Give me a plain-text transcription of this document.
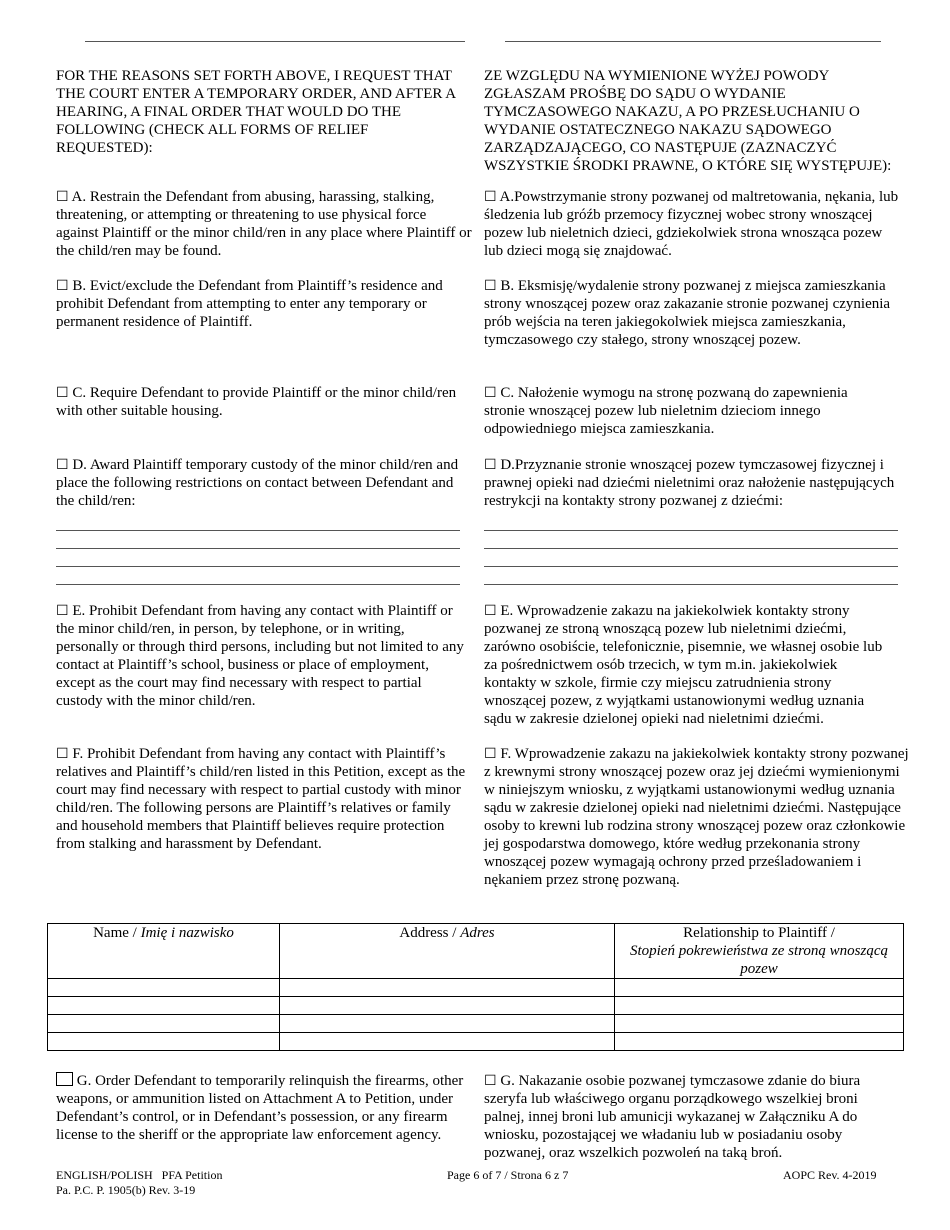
FOR THE REASONS SET FORTH ABOVE, I REQUEST THAT THE COURT ENTER A TEMPORARY ORDER, AND AFTER A HEARING, A FINAL ORDER THAT WOULD DO THE FOLLOWING (CHECK ALL FORMS OF RELIEF REQUESTED):
ZE WZGLĘDU NA WYMIENIONE WYŻEJ POWODY ZGŁASZAM PROŚBĘ DO SĄDU O WYDANIE TYMCZASOWEGO NAKAZU, A PO PRZESŁUCHANIU O WYDANIE OSTATECZNEGO NAKAZU SĄDOWEGO ZARZĄDZAJĄCEGO, CO NASTĘPUJE (ZAZNACZYĆ WSZYSTKIE ŚRODKI PRAWNE, O KTÓRE SIĘ WYSTĘPUJE):
☐ A. Restrain the Defendant from abusing, harassing, stalking, threatening, or attempting or threatening to use physical force against Plaintiff or the minor child/ren in any place where Plaintiff or the child/ren may be found.
☐ A.Powstrzymanie strony pozwanej od maltretowania, nękania, lub śledzenia lub gróźb przemocy fizycznej wobec strony wnoszącej pozew lub nieletnich dzieci, gdziekolwiek strona wnosząca pozew lub dzieci mogą się znajdować.
☐ B. Evict/exclude the Defendant from Plaintiff’s residence and prohibit Defendant from attempting to enter any temporary or permanent residence of Plaintiff.
☐ B. Eksmisję/wydalenie strony pozwanej z miejsca zamieszkania strony wnoszącej pozew oraz zakazanie stronie pozwanej czynienia prób wejścia na teren jakiegokolwiek miejsca zamieszkania, tymczasowego czy stałego, strony wnoszącej pozew.
☐ C. Require Defendant to provide Plaintiff or the minor child/ren with other suitable housing.
☐ C. Nałożenie wymogu na stronę pozwaną do zapewnienia stronie wnoszącej pozew lub nieletnim dzieciom innego odpowiedniego miejsca zamieszkania.
☐ D. Award Plaintiff temporary custody of the minor child/ren and place the following restrictions on contact between Defendant and the child/ren:
☐ D.Przyznanie stronie wnoszącej pozew tymczasowej fizycznej i prawnej opieki nad dziećmi nieletnimi oraz nałożenie następujących restrykcji na kontakty strony pozwanej z dziećmi:
☐ E. Prohibit Defendant from having any contact with Plaintiff or the minor child/ren, in person, by telephone, or in writing, personally or through third persons, including but not limited to any contact at Plaintiff’s school, business or place of employment, except as the court may find necessary with respect to partial custody with the minor child/ren.
☐ E. Wprowadzenie zakazu na jakiekolwiek kontakty strony pozwanej ze stroną wnoszącą pozew lub nieletnimi dziećmi, zarówno osobiście, telefonicznie, pisemnie, we własnej osobie lub za pośrednictwem osób trzecich, w tym m.in. jakiekolwiek kontakty w szkole, firmie czy miejscu zatrudnienia strony wnoszącej pozew, z wyjątkami ustanowionymi według uznania sądu w zakresie dzielonej opieki nad nieletnimi dziećmi.
☐ F. Prohibit Defendant from having any contact with Plaintiff’s relatives and Plaintiff’s child/ren listed in this Petition, except as the court may find necessary with respect to partial custody with minor child/ren. The following persons are Plaintiff’s relatives or family and household members that Plaintiff believes require protection from stalking and harassment by Defendant.
☐ F. Wprowadzenie zakazu na jakiekolwiek kontakty strony pozwanej z krewnymi strony wnoszącej pozew oraz jej dziećmi wymienionymi w niniejszym wniosku, z wyjątkami ustanowionymi według uznania sądu w zakresie dzielonej opieki nad nieletnimi dziećmi. Następujące osoby to krewni lub rodzina strony wnoszącej pozew oraz członkowie jej gospodarstwa domowego, które według przekonania strony wnoszącej pozew wymagają ochrony przed prześladowaniem i nękaniem przez stronę pozwaną.
Name / Imię i nazwisko	Address / Adres	Relationship to Plaintiff /
Stopień pokrewieństwa ze stroną wnoszącą pozew

G. Order Defendant to temporarily relinquish the firearms, other weapons, or ammunition listed on Attachment A to Petition, under Defendant’s control, or in Defendant’s possession, or any firearm license to the sheriff or the appropriate law enforcement agency.
☐ G. Nakazanie osobie pozwanej tymczasowe zdanie do biura szeryfa lub właściwego organu porządkowego wszelkiej broni palnej, innej broni lub amunicji wykazanej w Załączniku A do wniosku, pozostającej we władaniu lub w posiadaniu osoby pozwanej, oraz wszelkich pozwoleń na taką broń.
ENGLISH/POLISH   PFA Petition
Pa. P.C. P. 1905(b) Rev. 3-19
Page 6 of 7 / Strona 6 z 7	AOPC Rev. 4-2019
